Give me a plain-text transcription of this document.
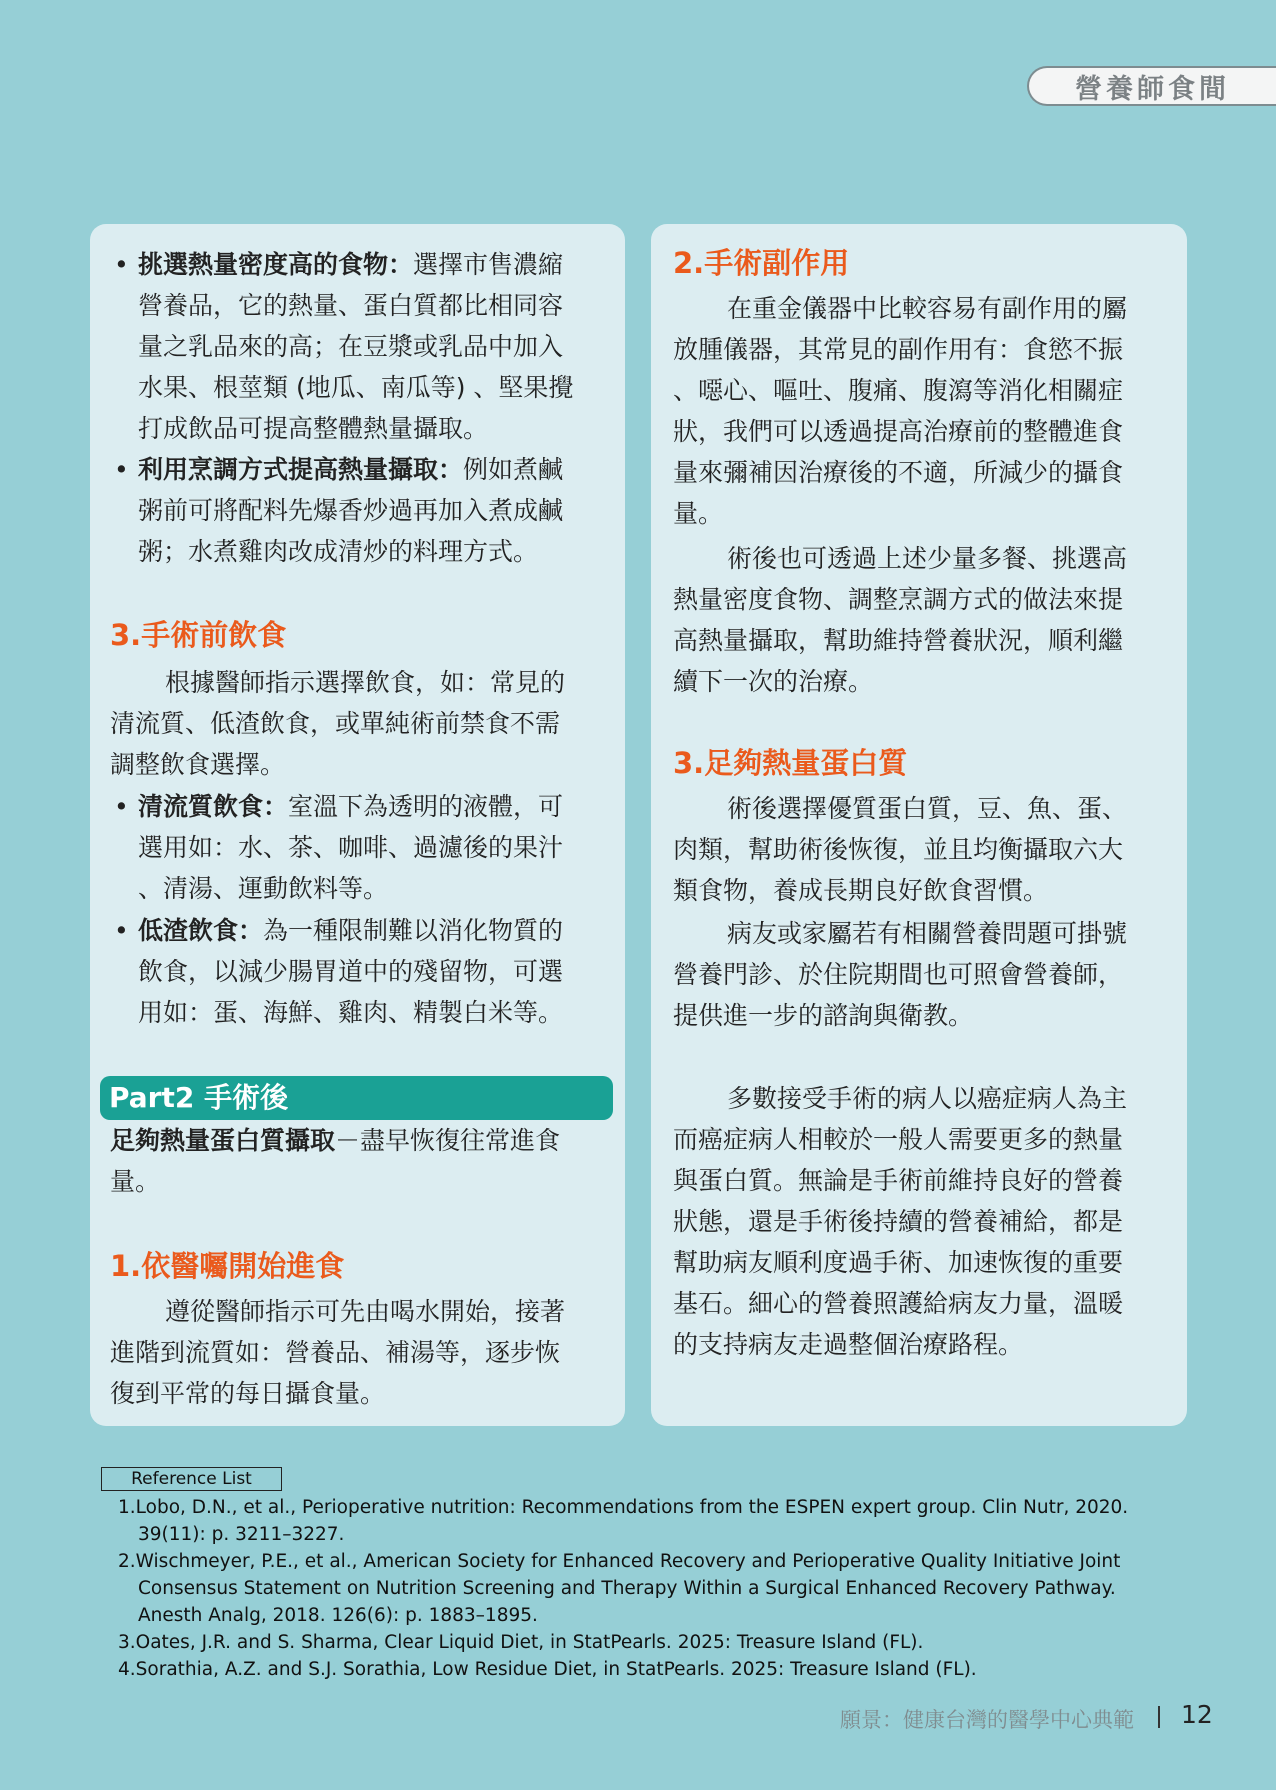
營養師食間
• 挑選熱量密度高的食物：選擇市售濃縮
營養品，它的熱量、蛋白質都比相同容
量之乳品來的高；在豆漿或乳品中加入
水果、根莖類 (地瓜、南瓜等) 、堅果攪
打成飲品可提高整體熱量攝取。
• 利用烹調方式提高熱量攝取：例如煮鹹
粥前可將配料先爆香炒過再加入煮成鹹
粥；水煮雞肉改成清炒的料理方式。
3.手術前飲食
根據醫師指示選擇飲食，如：常見的
清流質、低渣飲食，或單純術前禁食不需
調整飲食選擇。
• 清流質飲食：室溫下為透明的液體，可
選用如：水、茶、咖啡、過濾後的果汁
、清湯、運動飲料等。
• 低渣飲食：為一種限制難以消化物質的
飲食，以減少腸胃道中的殘留物，可選
用如：蛋、海鮮、雞肉、精製白米等。
Part2 手術後
足夠熱量蛋白質攝取－盡早恢復往常進食
量。
1.依醫囑開始進食
遵從醫師指示可先由喝水開始，接著
進階到流質如：營養品、補湯等，逐步恢
復到平常的每日攝食量。
2.手術副作用
在重金儀器中比較容易有副作用的屬
放腫儀器，其常見的副作用有：食慾不振
、噁心、嘔吐、腹痛、腹瀉等消化相關症
狀，我們可以透過提高治療前的整體進食
量來彌補因治療後的不適，所減少的攝食
量。
術後也可透過上述少量多餐、挑選高
熱量密度食物、調整烹調方式的做法來提
高熱量攝取，幫助維持營養狀況，順利繼
續下一次的治療。
3.足夠熱量蛋白質
術後選擇優質蛋白質，豆、魚、蛋、
肉類，幫助術後恢復，並且均衡攝取六大
類食物，養成長期良好飲食習慣。
病友或家屬若有相關營養問題可掛號
營養門診、於住院期間也可照會營養師，
提供進一步的諮詢與衛教。
多數接受手術的病人以癌症病人為主
而癌症病人相較於一般人需要更多的熱量
與蛋白質。無論是手術前維持良好的營養
狀態，還是手術後持續的營養補給，都是
幫助病友順利度過手術、加速恢復的重要
基石。細心的營養照護給病友力量，溫暖
的支持病友走過整個治療路程。
Reference List
1.Lobo, D.N., et al., Perioperative nutrition: Recommendations from the ESPEN expert group. Clin Nutr, 2020.
39(11): p. 3211–3227.
2.Wischmeyer, P.E., et al., American Society for Enhanced Recovery and Perioperative Quality Initiative Joint
Consensus Statement on Nutrition Screening and Therapy Within a Surgical Enhanced Recovery Pathway.
Anesth Analg, 2018. 126(6): p. 1883–1895.
3.Oates, J.R. and S. Sharma, Clear Liquid Diet, in StatPearls. 2025: Treasure Island (FL).
4.Sorathia, A.Z. and S.J. Sorathia, Low Residue Diet, in StatPearls. 2025: Treasure Island (FL).
願景：健康台灣的醫學中心典範 12
